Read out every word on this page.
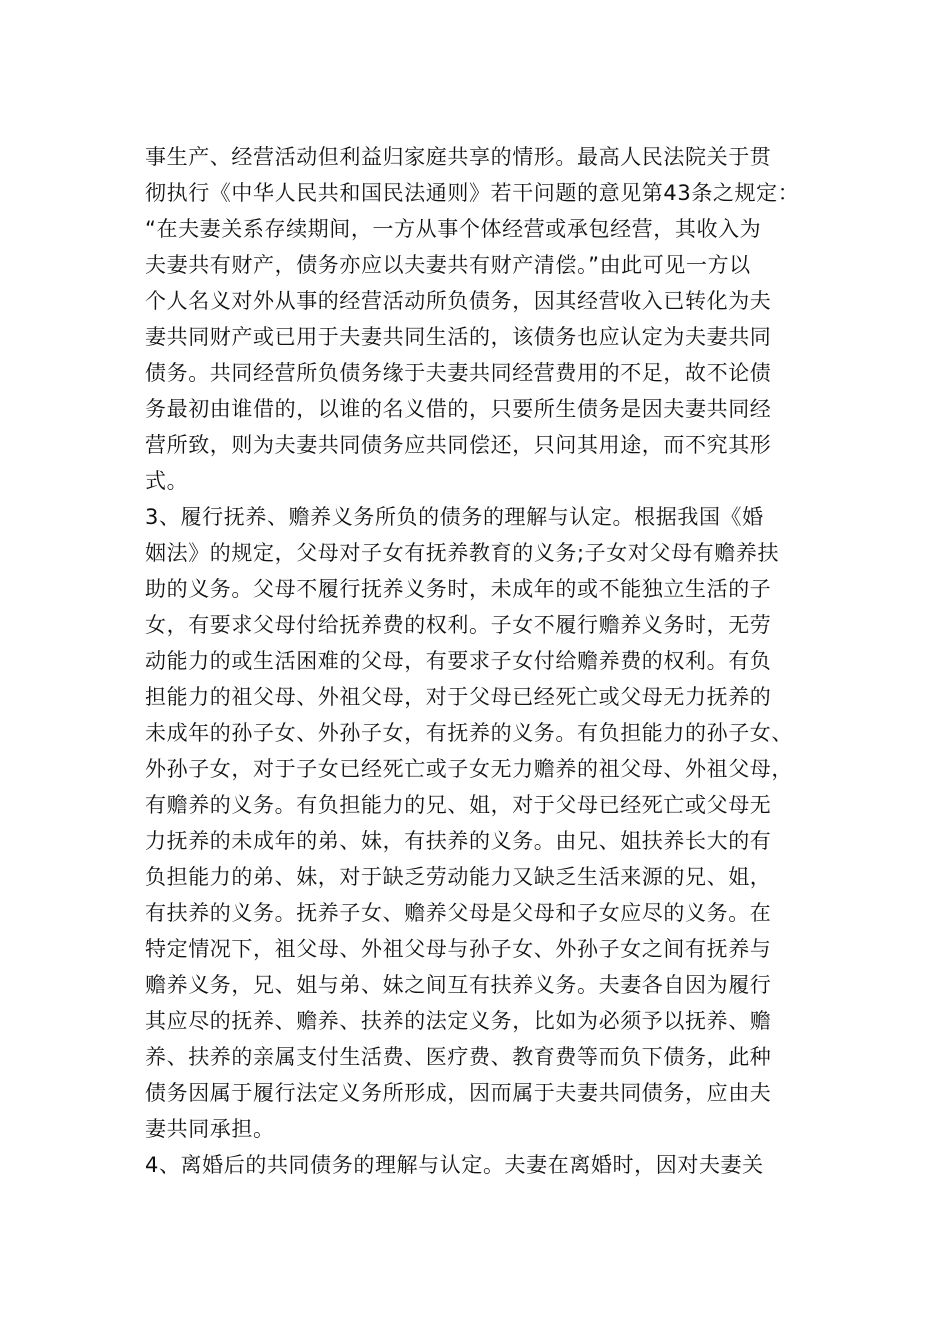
事生产、经营活动但利益归家庭共享的情形。最高人民法院关于贯
彻执行《中华人民共和国民法通则》若干问题的意见第43条之规定：
“在夫妻关系存续期间，一方从事个体经营或承包经营，其收入为
夫妻共有财产，债务亦应以夫妻共有财产清偿。”由此可见一方以
个人名义对外从事的经营活动所负债务，因其经营收入已转化为夫
妻共同财产或已用于夫妻共同生活的，该债务也应认定为夫妻共同
债务。共同经营所负债务缘于夫妻共同经营费用的不足，故不论债
务最初由谁借的，以谁的名义借的，只要所生债务是因夫妻共同经
营所致，则为夫妻共同债务应共同偿还，只问其用途，而不究其形
式。
3、履行抚养、赡养义务所负的债务的理解与认定。根据我国《婚
姻法》的规定，父母对子女有抚养教育的义务;子女对父母有赡养扶
助的义务。父母不履行抚养义务时，未成年的或不能独立生活的子
女，有要求父母付给抚养费的权利。子女不履行赡养义务时，无劳
动能力的或生活困难的父母，有要求子女付给赡养费的权利。有负
担能力的祖父母、外祖父母，对于父母已经死亡或父母无力抚养的
未成年的孙子女、外孙子女，有抚养的义务。有负担能力的孙子女、
外孙子女，对于子女已经死亡或子女无力赡养的祖父母、外祖父母，
有赡养的义务。有负担能力的兄、姐，对于父母已经死亡或父母无
力抚养的未成年的弟、妹，有扶养的义务。由兄、姐扶养长大的有
负担能力的弟、妹，对于缺乏劳动能力又缺乏生活来源的兄、姐，
有扶养的义务。抚养子女、赡养父母是父母和子女应尽的义务。在
特定情况下，祖父母、外祖父母与孙子女、外孙子女之间有抚养与
赡养义务，兄、姐与弟、妹之间互有扶养义务。夫妻各自因为履行
其应尽的抚养、赡养、扶养的法定义务，比如为必须予以抚养、赡
养、扶养的亲属支付生活费、医疗费、教育费等而负下债务，此种
债务因属于履行法定义务所形成，因而属于夫妻共同债务，应由夫
妻共同承担。
4、离婚后的共同债务的理解与认定。夫妻在离婚时，因对夫妻关
